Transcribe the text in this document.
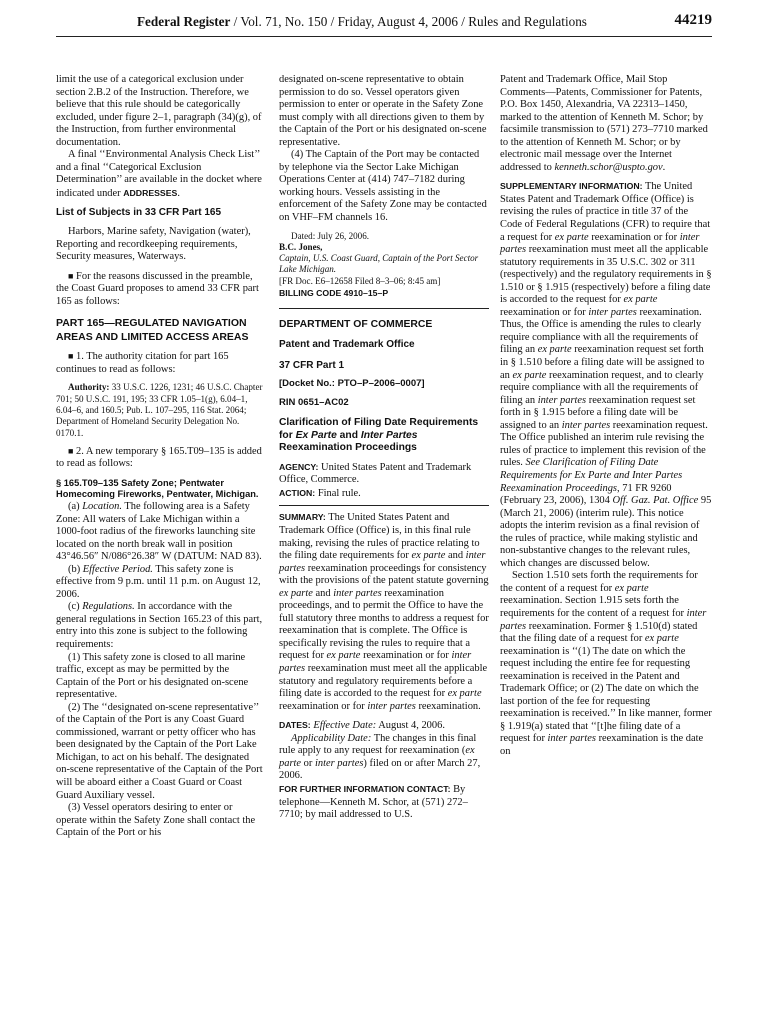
Federal Register / Vol. 71, No. 150 / Friday, August 4, 2006 / Rules and Regulations	44219

limit the use of a categorical exclusion under section 2.B.2 of the Instruction. Therefore, we believe that this rule should be categorically excluded, under figure 2–1, paragraph (34)(g), of the Instruction, from further environmental documentation.

A final ‘‘Environmental Analysis Check List’’ and a final ‘‘Categorical Exclusion Determination’’ are available in the docket where indicated under ADDRESSES.

List of Subjects in 33 CFR Part 165

Harbors, Marine safety, Navigation (water), Reporting and recordkeeping requirements, Security measures, Waterways.

■ For the reasons discussed in the preamble, the Coast Guard proposes to amend 33 CFR part 165 as follows:

PART 165—REGULATED NAVIGATION AREAS AND LIMITED ACCESS AREAS

■ 1. The authority citation for part 165 continues to read as follows:

Authority: 33 U.S.C. 1226, 1231; 46 U.S.C. Chapter 701; 50 U.S.C. 191, 195; 33 CFR 1.05–1(g), 6.04–1, 6.04–6, and 160.5; Pub. L. 107–295, 116 Stat. 2064; Department of Homeland Security Delegation No. 0170.1.

■ 2. A new temporary § 165.T09–135 is added to read as follows:

§ 165.T09–135 Safety Zone; Pentwater Homecoming Fireworks, Pentwater, Michigan.

(a) Location. The following area is a Safety Zone: All waters of Lake Michigan within a 1000-foot radius of the fireworks launching site located on the north break wall in position 43°46.56″ N/086°26.38″ W (DATUM: NAD 83).

(b) Effective Period. This safety zone is effective from 9 p.m. until 11 p.m. on August 12, 2006.

(c) Regulations. In accordance with the general regulations in Section 165.23 of this part, entry into this zone is subject to the following requirements:

(1) This safety zone is closed to all marine traffic, except as may be permitted by the Captain of the Port or his designated on-scene representative.

(2) The ‘‘designated on-scene representative’’ of the Captain of the Port is any Coast Guard commissioned, warrant or petty officer who has been designated by the Captain of the Port Lake Michigan, to act on his behalf. The designated on-scene representative of the Captain of the Port will be aboard either a Coast Guard or Coast Guard Auxiliary vessel.

(3) Vessel operators desiring to enter or operate within the Safety Zone shall contact the Captain of the Port or his

designated on-scene representative to obtain permission to do so. Vessel operators given permission to enter or operate in the Safety Zone must comply with all directions given to them by the Captain of the Port or his designated on-scene representative.

(4) The Captain of the Port may be contacted by telephone via the Sector Lake Michigan Operations Center at (414) 747–7182 during working hours. Vessels assisting in the enforcement of the Safety Zone may be contacted on VHF–FM channels 16.

Dated: July 26, 2006.

B.C. Jones,

Captain, U.S. Coast Guard, Captain of the Port Sector Lake Michigan.

[FR Doc. E6–12658 Filed 8–3–06; 8:45 am]

BILLING CODE 4910–15–P

DEPARTMENT OF COMMERCE

Patent and Trademark Office

37 CFR Part 1

[Docket No.: PTO–P–2006–0007]

RIN 0651–AC02

Clarification of Filing Date Requirements for Ex Parte and Inter Partes Reexamination Proceedings

AGENCY: United States Patent and Trademark Office, Commerce.

ACTION: Final rule.

SUMMARY: The United States Patent and Trademark Office (Office) is, in this final rule making, revising the rules of practice relating to the filing date requirements for ex parte and inter partes reexamination proceedings for consistency with the provisions of the patent statute governing ex parte and inter partes reexamination proceedings, and to permit the Office to have the full statutory three months to address a request for reexamination that is complete. The Office is specifically revising the rules to require that a request for ex parte reexamination or for inter partes reexamination must meet all the applicable statutory and regulatory requirements before a filing date is accorded to the request for ex parte reexamination or for inter partes reexamination.

DATES: Effective Date: August 4, 2006.

Applicability Date: The changes in this final rule apply to any request for reexamination (ex parte or inter partes) filed on or after March 27, 2006.

FOR FURTHER INFORMATION CONTACT: By telephone—Kenneth M. Schor, at (571) 272–7710; by mail addressed to U.S.

Patent and Trademark Office, Mail Stop Comments—Patents, Commissioner for Patents, P.O. Box 1450, Alexandria, VA 22313–1450, marked to the attention of Kenneth M. Schor; by facsimile transmission to (571) 273–7710 marked to the attention of Kenneth M. Schor; or by electronic mail message over the Internet addressed to kenneth.schor@uspto.gov.

SUPPLEMENTARY INFORMATION: The United States Patent and Trademark Office (Office) is revising the rules of practice in title 37 of the Code of Federal Regulations (CFR) to require that a request for ex parte reexamination or for inter partes reexamination must meet all the applicable statutory requirements in 35 U.S.C. 302 or 311 (respectively) and the regulatory requirements in § 1.510 or § 1.915 (respectively) before a filing date is accorded to the request for ex parte reexamination or for inter partes reexamination. Thus, the Office is amending the rules to clearly require compliance with all the requirements of filing an ex parte reexamination request set forth in § 1.510 before a filing date will be assigned to an ex parte reexamination request, and to clearly require compliance with all the requirements of filing an inter partes reexamination request set forth in § 1.915 before a filing date will be assigned to an inter partes reexamination request. The Office published an interim rule revising the rules of practice to implement this revision of the rules. See Clarification of Filing Date Requirements for Ex Parte and Inter Partes Reexamination Proceedings, 71 FR 9260 (February 23, 2006), 1304 Off. Gaz. Pat. Office 95 (March 21, 2006) (interim rule). This notice adopts the interim revision as a final revision of the rules of practice, while making stylistic and non-substantive changes to the relevant rules, which changes are discussed below.

Section 1.510 sets forth the requirements for the content of a request for ex parte reexamination. Section 1.915 sets forth the requirements for the content of a request for inter partes reexamination. Former § 1.510(d) stated that the filing date of a request for ex parte reexamination is ‘‘(1) The date on which the request including the entire fee for requesting reexamination is received in the Patent and Trademark Office; or (2) The date on which the last portion of the fee for requesting reexamination is received.’’ In like manner, former § 1.919(a) stated that ‘‘[t]he filing date of a request for inter partes reexamination is the date on
